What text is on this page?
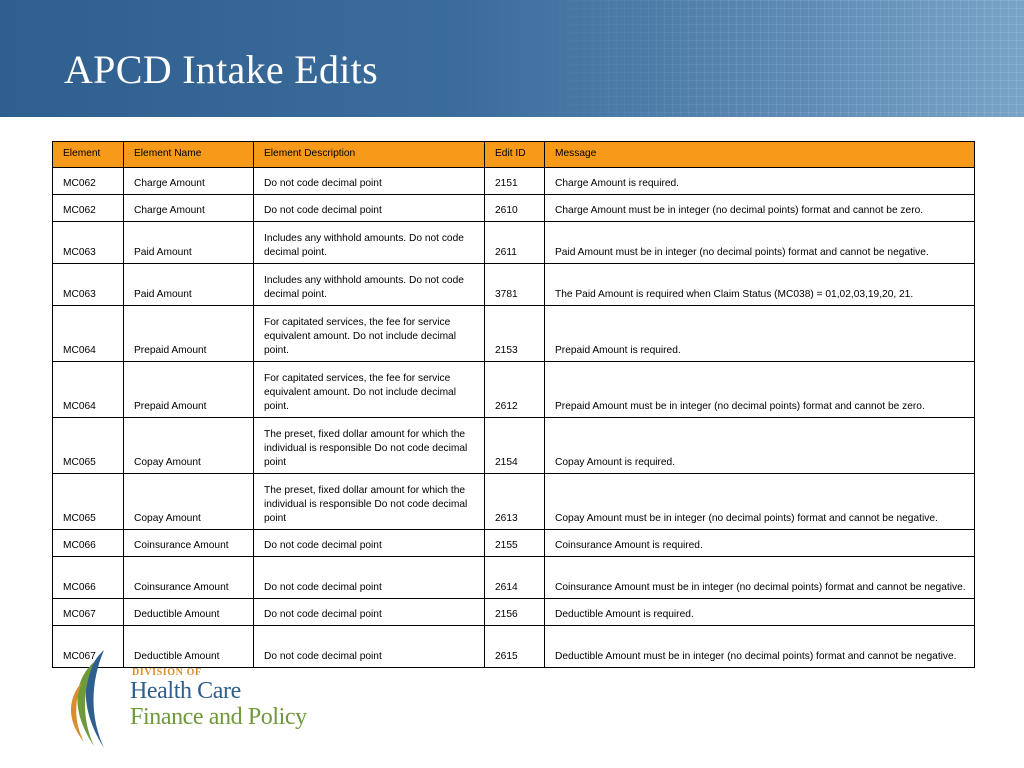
APCD Intake Edits
Element	Element Name	Element Description	Edit ID	Message
MC062	Charge Amount	Do not code decimal point	2151	Charge Amount is required.
MC062	Charge Amount	Do not code decimal point	2610	Charge Amount must be in integer (no decimal points) format and cannot be zero.
MC063	Paid Amount	Includes any withhold amounts. Do not code decimal point.	2611	Paid Amount must be in integer (no decimal points) format and cannot be negative.
MC063	Paid Amount	Includes any withhold amounts. Do not code decimal point.	3781	The Paid Amount is required when Claim Status (MC038) = 01,02,03,19,20, 21.
MC064	Prepaid Amount	For capitated services, the fee for service equivalent amount. Do not include decimal point.	2153	Prepaid Amount is required.
MC064	Prepaid Amount	For capitated services, the fee for service equivalent amount. Do not include decimal point.	2612	Prepaid Amount must be in integer (no decimal points) format and cannot be zero.
MC065	Copay Amount	The preset, fixed dollar amount for which the individual is responsible Do not code decimal point	2154	Copay Amount is required.
MC065	Copay Amount	The preset, fixed dollar amount for which the individual is responsible Do not code decimal point	2613	Copay Amount must be in integer (no decimal points) format and cannot be negative.
MC066	Coinsurance Amount	Do not code decimal point	2155	Coinsurance Amount is required.
MC066	Coinsurance Amount	Do not code decimal point	2614	Coinsurance Amount must be in integer (no decimal points) format and cannot be negative.
MC067	Deductible Amount	Do not code decimal point	2156	Deductible Amount is required.
MC067	Deductible Amount	Do not code decimal point	2615	Deductible Amount must be in integer (no decimal points) format and cannot be negative.
DIVISION OF
Health Care
Finance and Policy
